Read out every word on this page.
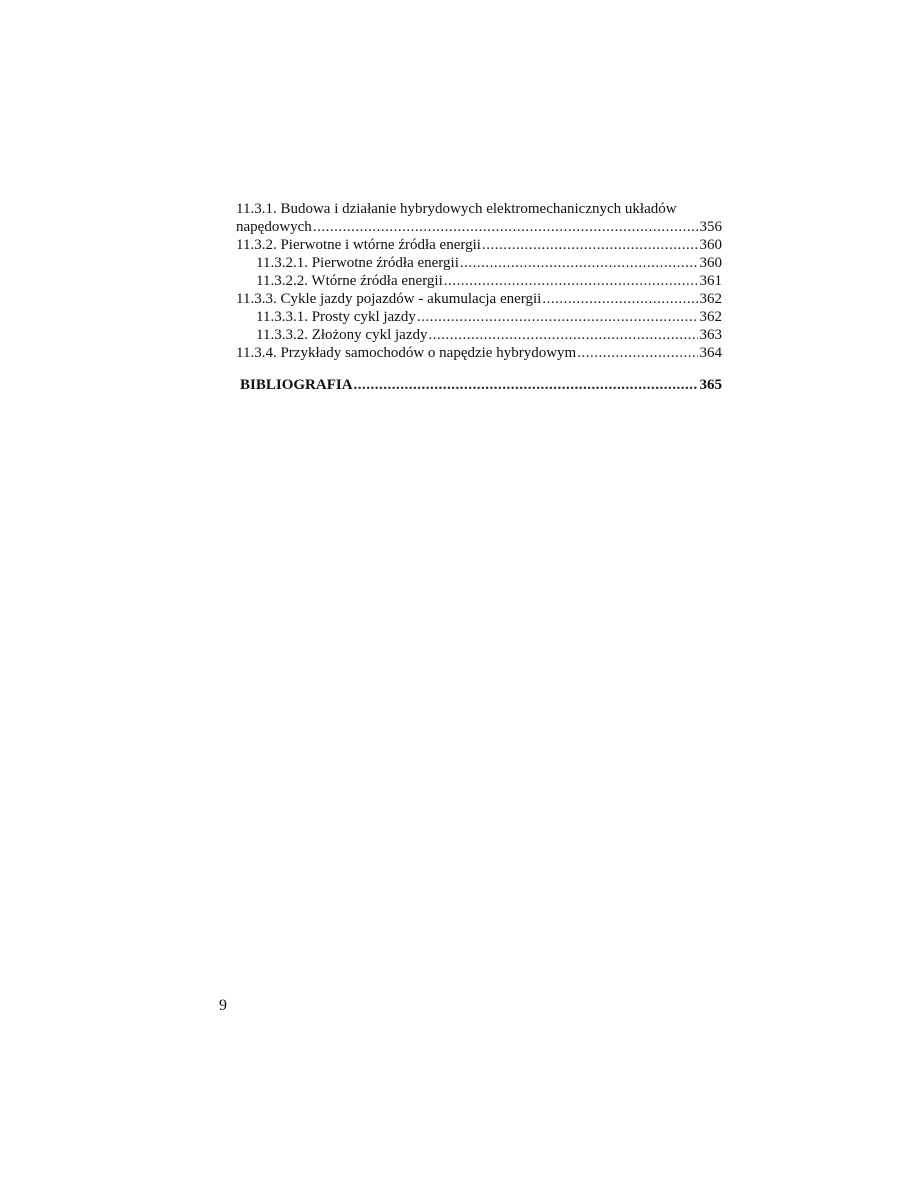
11.3.1. Budowa i działanie hybrydowych elektromechanicznych układów
napędowych .....	356
11.3.2. Pierwotne i wtórne źródła energii .....	360
11.3.2.1. Pierwotne źródła energii .....	360
11.3.2.2. Wtórne źródła energii .....	361
11.3.3. Cykle jazdy pojazdów - akumulacja energii .....	362
11.3.3.1. Prosty cykl jazdy .....	362
11.3.3.2. Złożony cykl jazdy .....	363
11.3.4. Przykłady samochodów o napędzie hybrydowym .....	364
BIBLIOGRAFIA .....	365
9
